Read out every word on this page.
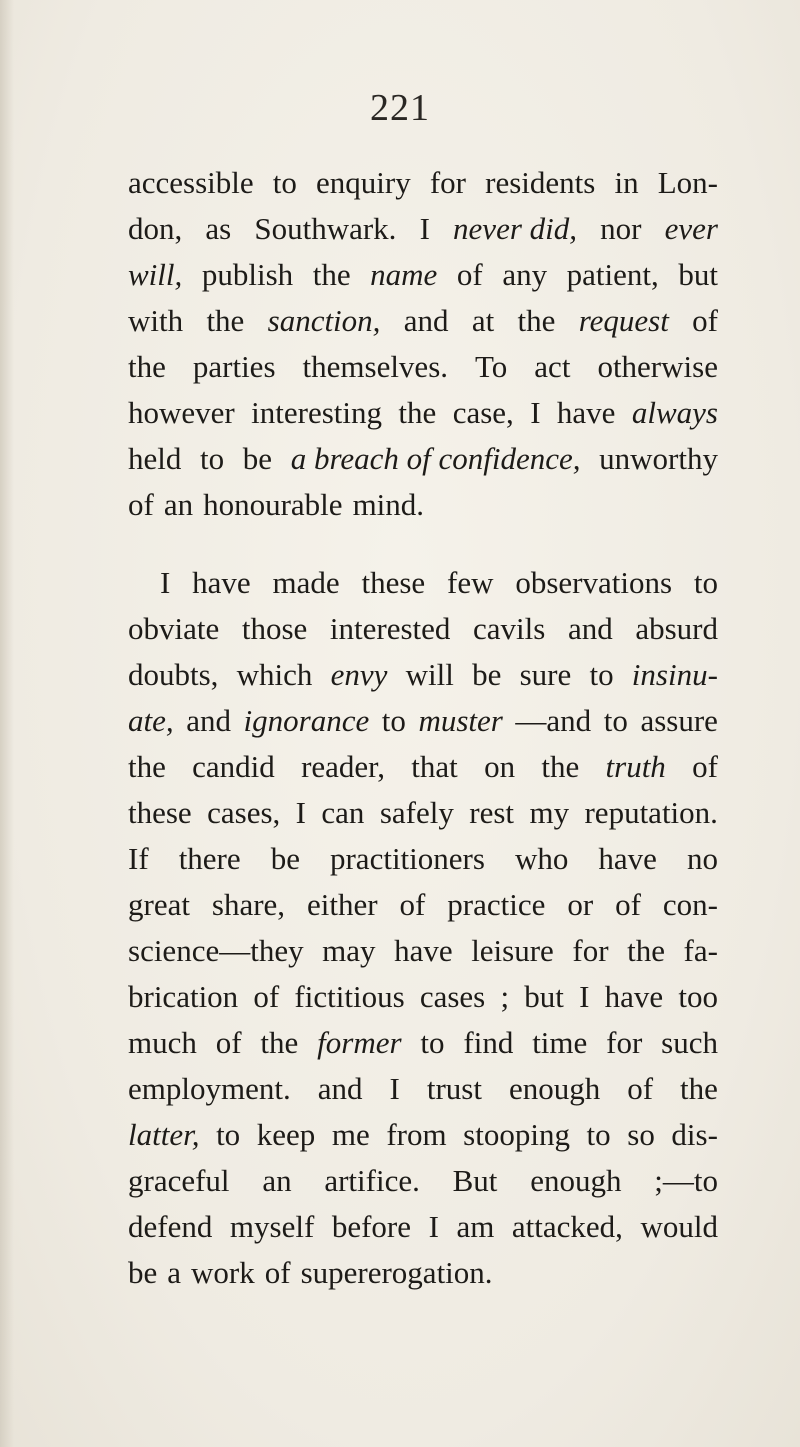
221
accessible to enquiry for residents in Lon-
don, as Southwark. I never did, nor ever
will, publish the name of any patient, but
with the sanction, and at the request of
the parties themselves. To act otherwise
however interesting the case, I have always
held to be a breach of confidence, unworthy
of an honourable mind.
I have made these few observations to
obviate those interested cavils and absurd
doubts, which envy will be sure to insinu-
ate, and ignorance to muster —and to assure
the candid reader, that on the truth of
these cases, I can safely rest my reputation.
If there be practitioners who have no
great share, either of practice or of con-
science—they may have leisure for the fa-
brication of fictitious cases ; but I have too
much of the former to find time for such
employment. and I trust enough of the
latter, to keep me from stooping to so dis-
graceful an artifice. But enough ;—to
defend myself before I am attacked, would
be a work of supererogation.
